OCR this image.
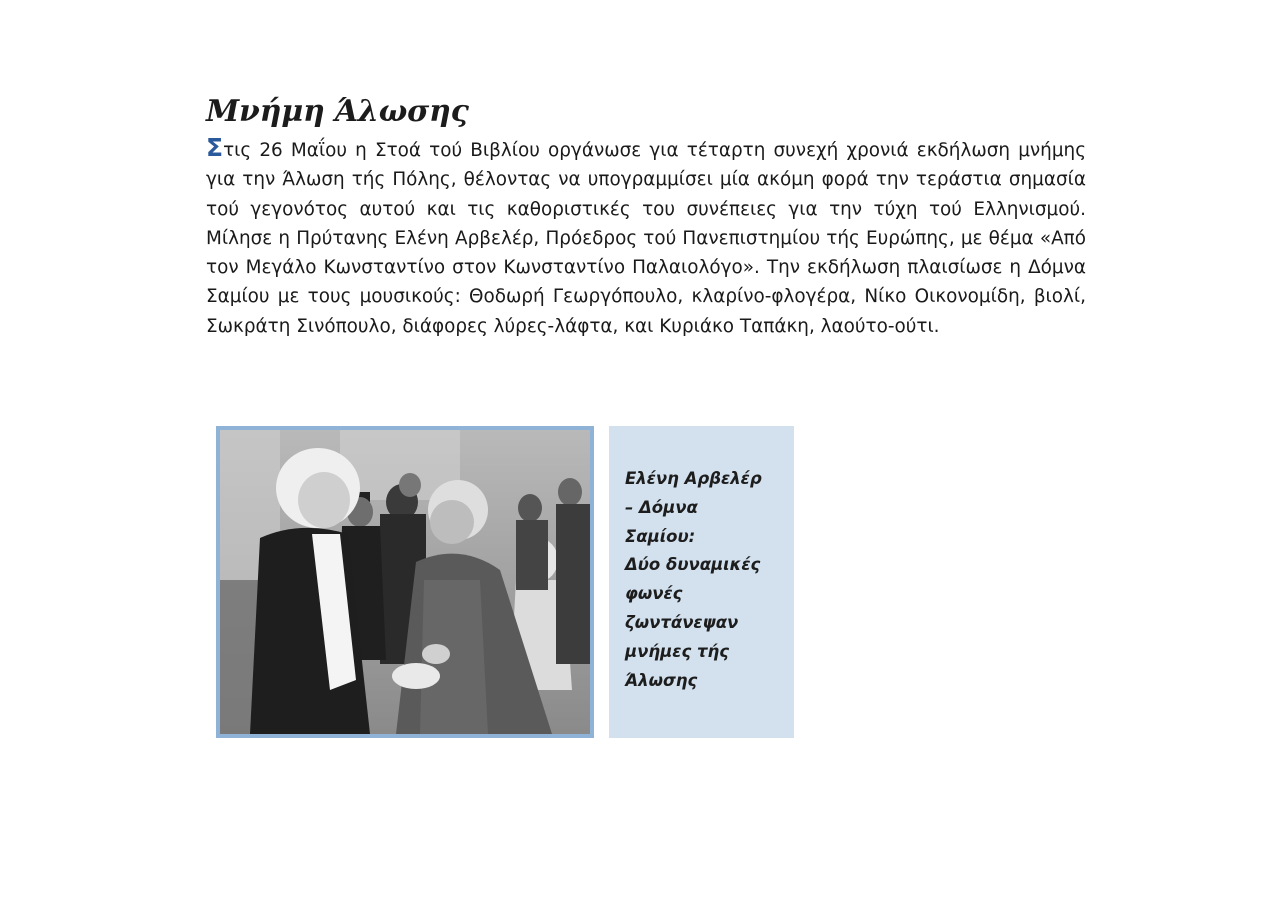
Μνήμη Άλωσης

Στις 26 Μαΐου η Στοά τού Βιβλίου οργάνωσε για τέταρτη συνεχή χρονιά εκδήλωση μνήμης για την Άλωση τής Πόλης, θέλοντας να υπογραμμίσει μία ακόμη φορά την τεράστια σημασία τού γεγονότος αυτού και τις καθοριστικές του συνέπειες για την τύχη τού Ελληνισμού. Μίλησε η Πρύτανης Ελένη Αρβελέρ, Πρόεδρος τού Πανεπιστημίου τής Ευρώπης, με θέμα «Από τον Μεγάλο Κωνσταντίνο στον Κωνσταντίνο Παλαιολόγο». Την εκδήλωση πλαισίωσε η Δόμνα Σαμίου με τους μουσικούς: Θοδωρή Γεωργόπουλο, κλαρίνο-φλογέρα, Νίκο Οικονομίδη, βιολί, Σωκράτη Σινόπουλο, διάφορες λύρες-λάφτα, και Κυριάκο Ταπάκη, λαούτο-ούτι.

Ελένη Αρβελέρ
– Δόμνα
Σαμίου:
Δύο δυναμικές
φωνές
ζωντάνεψαν
μνήμες τής
Άλωσης
